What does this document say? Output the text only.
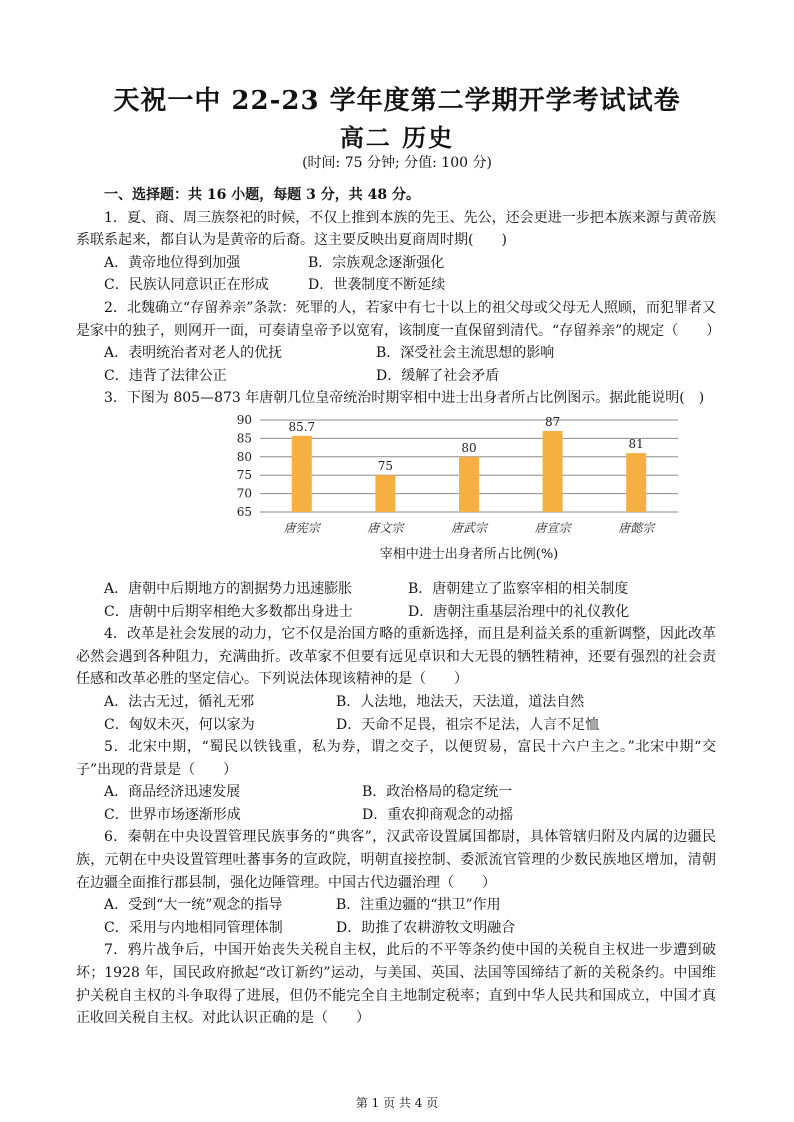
天祝一中 22-23 学年度第二学期开学考试试卷
高二 历史
(时间: 75 分钟; 分值: 100 分)
一、选择题：共 16 小题，每题 3 分，共 48 分。

1．夏、商、周三族祭祀的时候，不仅上推到本族的先王、先公，还会更进一步把本族来源与黄帝族系联系起来，都自认为是黄帝的后裔。这主要反映出夏商周时期(　　)

A．黄帝地位得到加强	B．宗族观念逐渐强化
C．民族认同意识正在形成	D．世袭制度不断延续

2．北魏确立“存留养亲”条款：死罪的人，若家中有七十以上的祖父母或父母无人照顾，而犯罪者又是家中的独子，则网开一面，可奏请皇帝予以宽宥，该制度一直保留到清代。“存留养亲”的规定（　　）

A．表明统治者对老人的优抚	B．深受社会主流思想的影响
C．违背了法律公正	D．缓解了社会矛盾

3．下图为 805—873 年唐朝几位皇帝统治时期宰相中进士出身者所占比例图示。据此能说明(　)

90
85
80
75
70
65
85.7
唐宪宗
75
唐文宗
80
唐武宗
87
唐宣宗
81
唐懿宗
宰相中进士出身者所占比例(%)
A．唐朝中后期地方的割据势力迅速膨胀	B．唐朝建立了监察宰相的相关制度
C．唐朝中后期宰相绝大多数都出身进士	D．唐朝注重基层治理中的礼仪教化

4．改革是社会发展的动力，它不仅是治国方略的重新选择，而且是利益关系的重新调整，因此改革必然会遇到各种阻力，充满曲折。改革家不但要有远见卓识和大无畏的牺牲精神，还要有强烈的社会责任感和改革必胜的坚定信心。下列说法体现该精神的是（　　）

A．法古无过，循礼无邪	B．人法地，地法天，天法道，道法自然
C．匈奴未灭，何以家为	D．天命不足畏，祖宗不足法，人言不足恤

5．北宋中期，“蜀民以铁钱重，私为券，谓之交子，以便贸易，富民十六户主之。”北宋中期“交子”出现的背景是（　　）

A．商品经济迅速发展	B．政治格局的稳定统一
C．世界市场逐渐形成	D．重农抑商观念的动摇

6．秦朝在中央设置管理民族事务的“典客”，汉武帝设置属国都尉，具体管辖归附及内属的边疆民族，元朝在中央设置管理吐蕃事务的宣政院，明朝直接控制、委派流官管理的少数民族地区增加，清朝在边疆全面推行郡县制，强化边陲管理。中国古代边疆治理（　　）

A．受到“大一统”观念的指导	B．注重边疆的“拱卫”作用
C．采用与内地相同管理体制	D．助推了农耕游牧文明融合

7．鸦片战争后，中国开始丧失关税自主权，此后的不平等条约使中国的关税自主权进一步遭到破坏；1928 年，国民政府掀起“改订新约”运动，与美国、英国、法国等国缔结了新的关税条约。中国维护关税自主权的斗争取得了进展，但仍不能完全自主地制定税率；直到中华人民共和国成立，中国才真正收回关税自主权。对此认识正确的是（　　）

第 1 页 共 4 页
